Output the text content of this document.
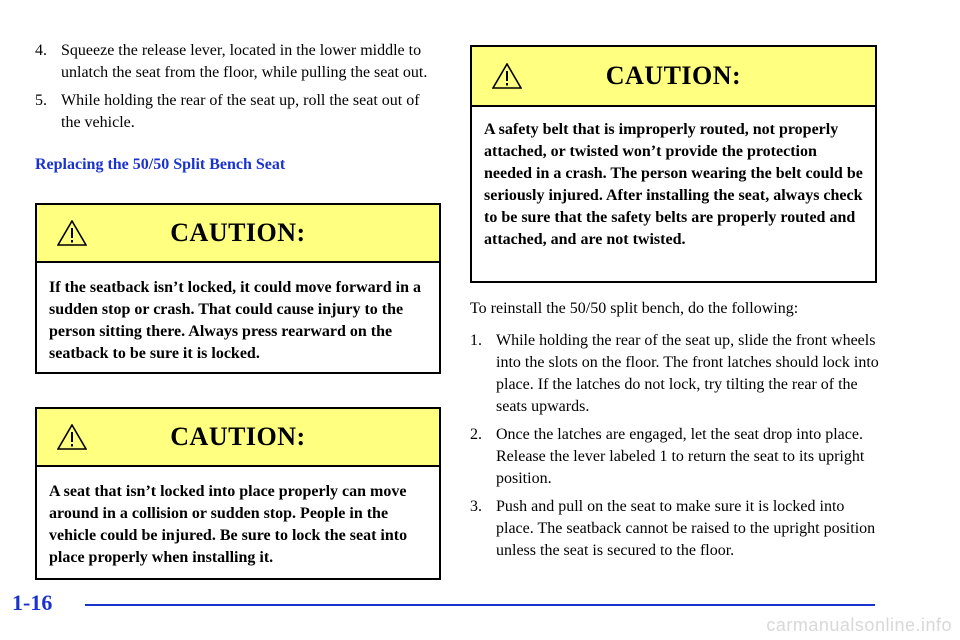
4. Squeeze the release lever, located in the lower middle to unlatch the seat from the floor, while pulling the seat out.
5. While holding the rear of the seat up, roll the seat out of the vehicle.
Replacing the 50/50 Split Bench Seat
CAUTION:
If the seatback isn’t locked, it could move forward in a sudden stop or crash. That could cause injury to the person sitting there. Always press rearward on the seatback to be sure it is locked.
CAUTION:
A seat that isn’t locked into place properly can move around in a collision or sudden stop. People in the vehicle could be injured. Be sure to lock the seat into place properly when installing it.
CAUTION:
A safety belt that is improperly routed, not properly attached, or twisted won’t provide the protection needed in a crash. The person wearing the belt could be seriously injured. After installing the seat, always check to be sure that the safety belts are properly routed and attached, and are not twisted.
To reinstall the 50/50 split bench, do the following:
1. While holding the rear of the seat up, slide the front wheels into the slots on the floor. The front latches should lock into place. If the latches do not lock, try tilting the rear of the seats upwards.
2. Once the latches are engaged, let the seat drop into place. Release the lever labeled 1 to return the seat to its upright position.
3. Push and pull on the seat to make sure it is locked into place. The seatback cannot be raised to the upright position unless the seat is secured to the floor.
1-16
carmanualsonline.info
